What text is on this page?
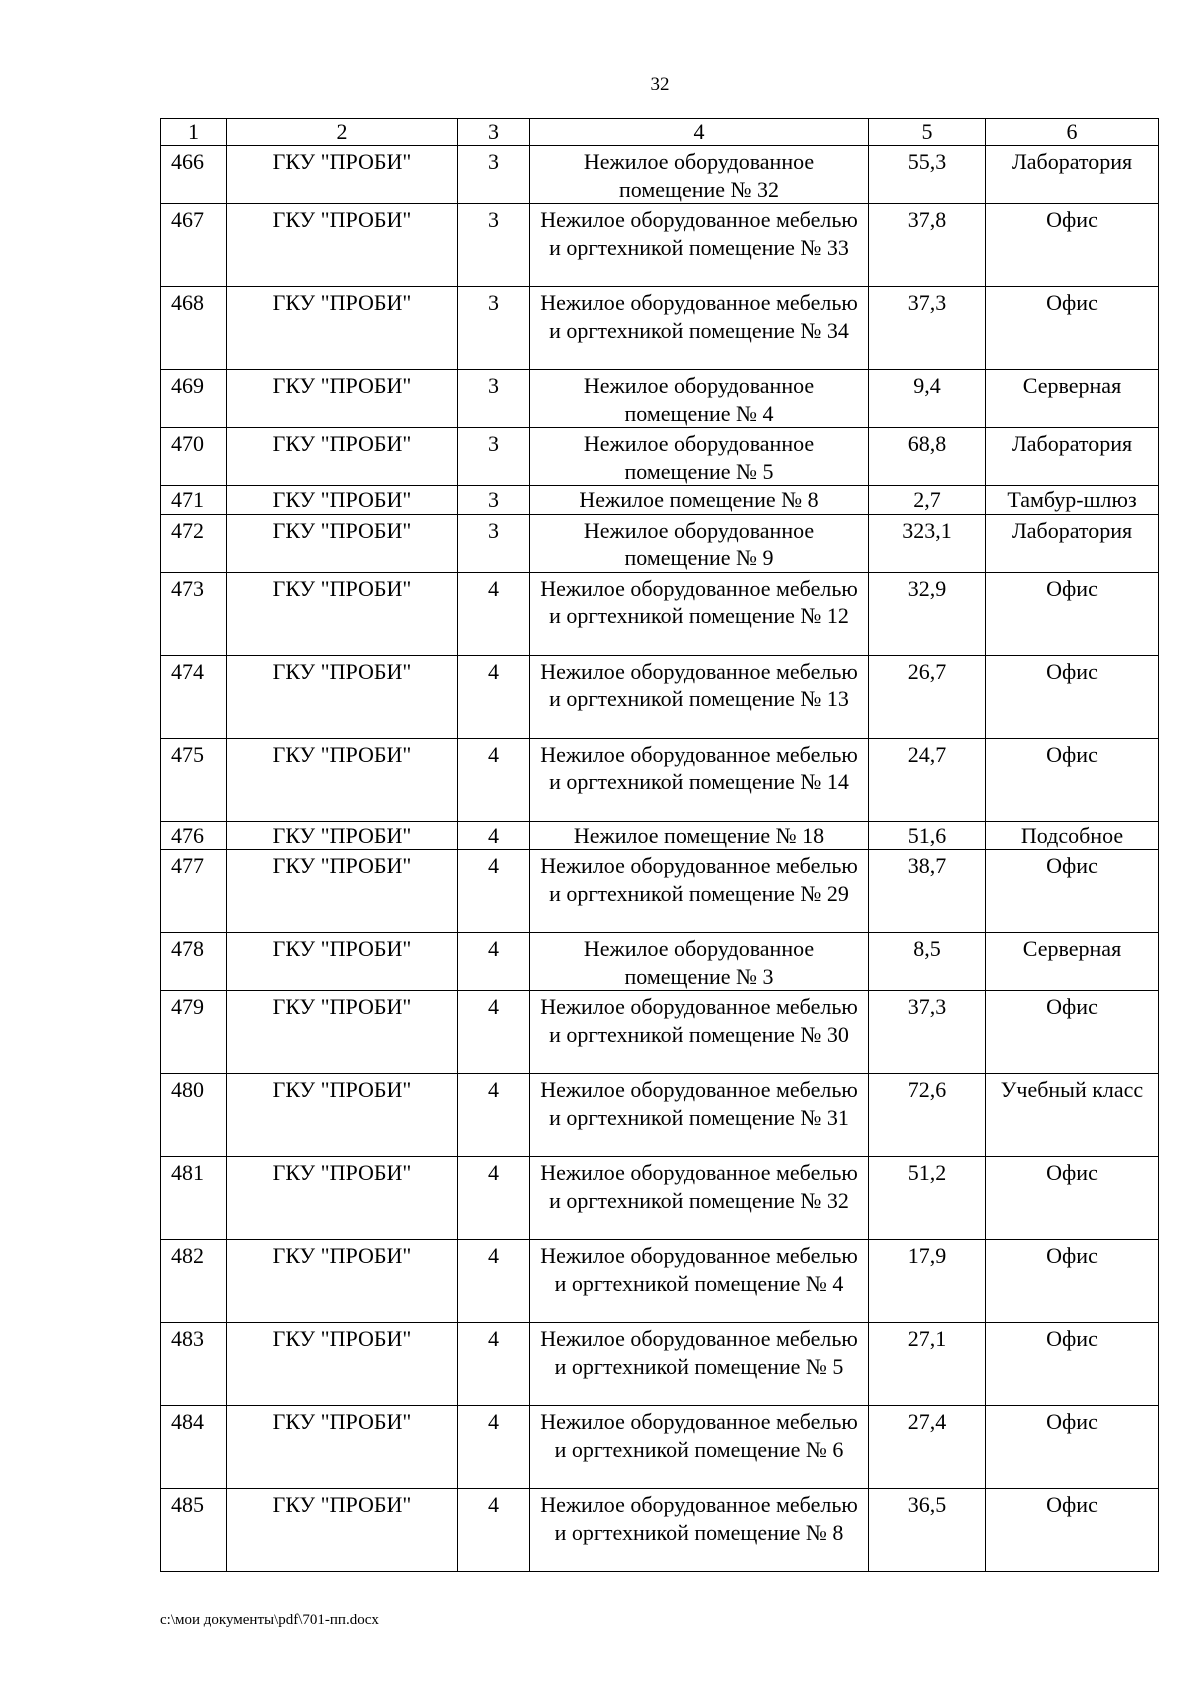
32
1	2	3	4	5	6
466	ГКУ "ПРОБИ"	3	Нежилое оборудованное помещение № 32	55,3	Лаборатория
467	ГКУ "ПРОБИ"	3	Нежилое оборудованное мебелью и оргтехникой помещение № 33	37,8	Офис
468	ГКУ "ПРОБИ"	3	Нежилое оборудованное мебелью и оргтехникой помещение № 34	37,3	Офис
469	ГКУ "ПРОБИ"	3	Нежилое оборудованное помещение № 4	9,4	Серверная
470	ГКУ "ПРОБИ"	3	Нежилое оборудованное помещение № 5	68,8	Лаборатория
471	ГКУ "ПРОБИ"	3	Нежилое помещение № 8	2,7	Тамбур-шлюз
472	ГКУ "ПРОБИ"	3	Нежилое оборудованное помещение № 9	323,1	Лаборатория
473	ГКУ "ПРОБИ"	4	Нежилое оборудованное мебелью и оргтехникой помещение № 12	32,9	Офис
474	ГКУ "ПРОБИ"	4	Нежилое оборудованное мебелью и оргтехникой помещение № 13	26,7	Офис
475	ГКУ "ПРОБИ"	4	Нежилое оборудованное мебелью и оргтехникой помещение № 14	24,7	Офис
476	ГКУ "ПРОБИ"	4	Нежилое помещение № 18	51,6	Подсобное
477	ГКУ "ПРОБИ"	4	Нежилое оборудованное мебелью и оргтехникой помещение № 29	38,7	Офис
478	ГКУ "ПРОБИ"	4	Нежилое оборудованное помещение № 3	8,5	Серверная
479	ГКУ "ПРОБИ"	4	Нежилое оборудованное мебелью и оргтехникой помещение № 30	37,3	Офис
480	ГКУ "ПРОБИ"	4	Нежилое оборудованное мебелью и оргтехникой помещение № 31	72,6	Учебный класс
481	ГКУ "ПРОБИ"	4	Нежилое оборудованное мебелью и оргтехникой помещение № 32	51,2	Офис
482	ГКУ "ПРОБИ"	4	Нежилое оборудованное мебелью и оргтехникой помещение № 4	17,9	Офис
483	ГКУ "ПРОБИ"	4	Нежилое оборудованное мебелью и оргтехникой помещение № 5	27,1	Офис
484	ГКУ "ПРОБИ"	4	Нежилое оборудованное мебелью и оргтехникой помещение № 6	27,4	Офис
485	ГКУ "ПРОБИ"	4	Нежилое оборудованное мебелью и оргтехникой помещение № 8	36,5	Офис
c:\мои документы\pdf\701-пп.docx
